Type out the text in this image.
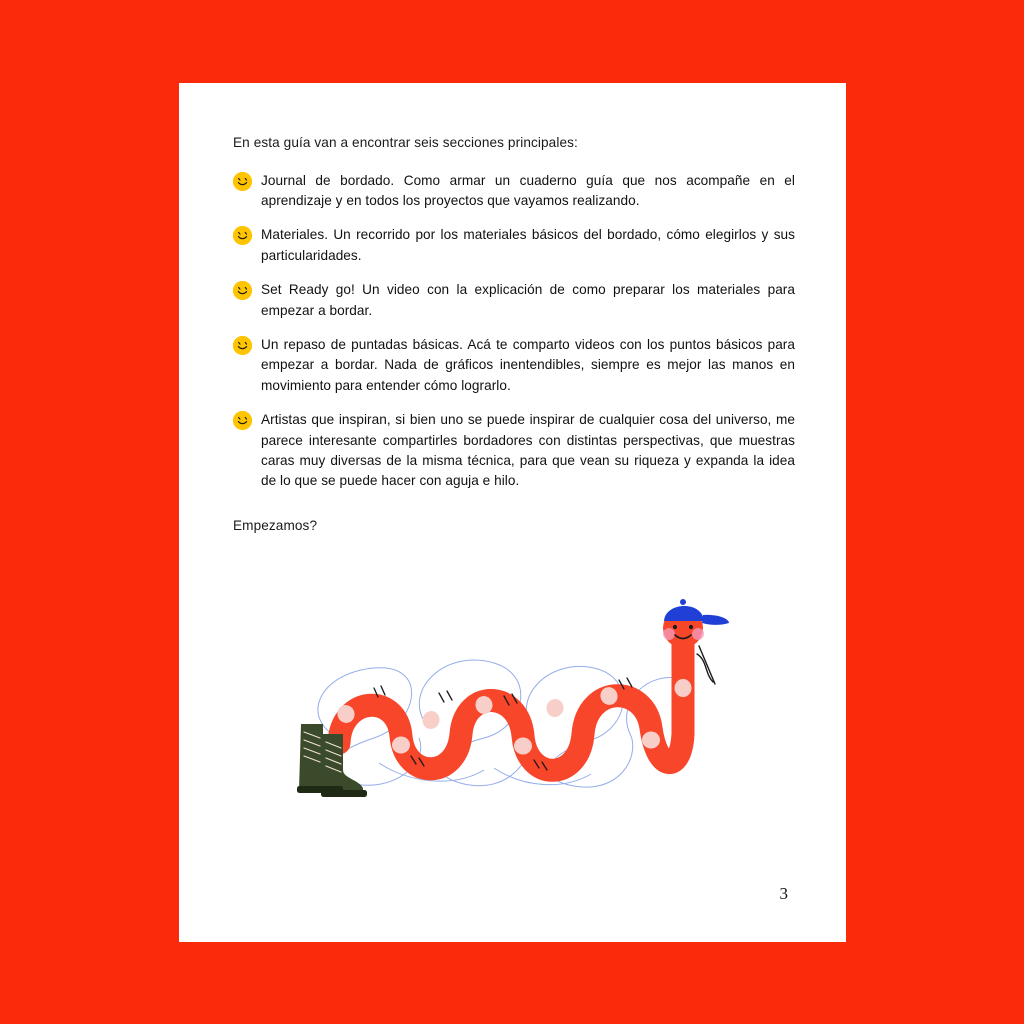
En esta guía van a encontrar seis secciones principales:

Journal de bordado. Como armar un cuaderno guía que nos acompañe en el aprendizaje y en todos los proyectos que vayamos realizando.
Materiales. Un recorrido por los materiales básicos del bordado, cómo elegirlos y sus particularidades.
Set Ready go! Un video con la explicación de como preparar los materiales para empezar a bordar.
Un repaso de puntadas básicas. Acá te comparto videos con los puntos básicos para empezar a bordar. Nada de gráficos inentendibles, siempre es mejor las manos en movimiento para entender cómo lograrlo.
Artistas que inspiran, si bien uno se puede inspirar de cualquier cosa del universo, me parece interesante compartirles bordadores con distintas perspectivas, que muestras caras muy diversas de la misma técnica, para que vean su riqueza y expanda la idea de lo que se puede hacer con aguja e hilo.

Empezamos?

3
